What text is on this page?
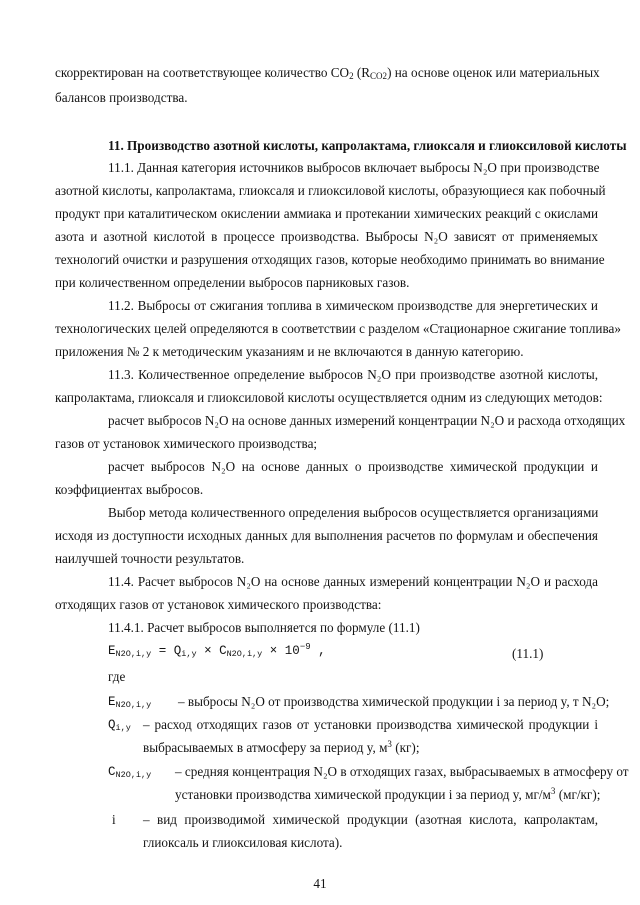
скорректирован на соответствующее количество $CO_2$ $(R_{CO2})$ на основе оценок или материальных
балансов производства.
11. Производство азотной кислоты, капролактама, глиоксаля и глиоксиловой кислоты
11.1. Данная категория источников выбросов включает выбросы N₂O при производстве
азотной кислоты, капролактама, глиоксаля и глиоксиловой кислоты, образующиеся как побочный
продукт при каталитическом окислении аммиака и протекании химических реакций с окислами
азота и азотной кислотой в процессе производства. Выбросы N₂O зависят от применяемых
технологий очистки и разрушения отходящих газов, которые необходимо принимать во внимание
при количественном определении выбросов парниковых газов.
11.2. Выбросы от сжигания топлива в химическом производстве для энергетических и
технологических целей определяются в соответствии с разделом «Стационарное сжигание топлива»
приложения № 2 к методическим указаниям и не включаются в данную категорию.
11.3. Количественное определение выбросов N₂O при производстве азотной кислоты,
капролактама, глиоксаля и глиоксиловой кислоты осуществляется одним из следующих методов:
расчет выбросов N₂O на основе данных измерений концентрации N₂O и расхода отходящих
газов от установок химического производства;
расчет выбросов N₂O на основе данных о производстве химической продукции и
коэффициентах выбросов.
Выбор метода количественного определения выбросов осуществляется организациями
исходя из доступности исходных данных для выполнения расчетов по формулам и обеспечения
наилучшей точности результатов.
11.4. Расчет выбросов N₂O на основе данных измерений концентрации N₂O и расхода
отходящих газов от установок химического производства:
11.4.1. Расчет выбросов выполняется по формуле (11.1)
$E_{N2O,i,y} = Q_{i,y} \times C_{N2O,i,y} \times 10^{-9}$ ,	(11.1)
где
$E_{N2O,i,y}$ – выбросы N₂O от производства химической продукции i за период y, т N₂O;
$Q_{i,y}$ – расход отходящих газов от установки производства химической продукции i
выбрасываемых в атмосферу за период y, $м^3$ (кг);
$C_{N2O,i,y}$ – средняя концентрация N₂O в отходящих газах, выбрасываемых в атмосферу от
установки производства химической продукции i за период y, $мг/м^3$ (мг/кг);
i – вид производимой химической продукции (азотная кислота, капролактам,
глиоксаль и глиоксиловая кислота).
41
